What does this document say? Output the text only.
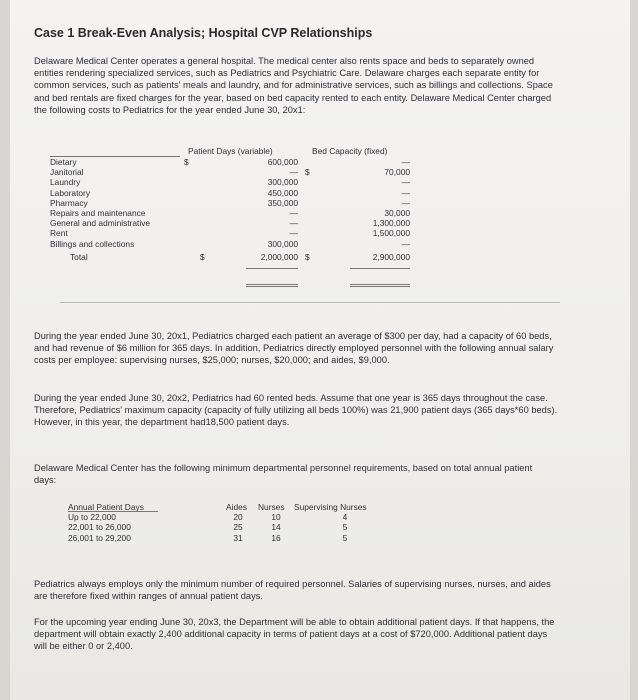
Case 1 Break-Even Analysis; Hospital CVP Relationships

Delaware Medical Center operates a general hospital. The medical center also rents space and beds to separately owned entities rendering specialized services, such as Pediatrics and Psychiatric Care. Delaware charges each separate entity for common services, such as patients' meals and laundry, and for administrative services, such as billings and collections. Space and bed rentals are fixed charges for the year, based on bed capacity rented to each entity. Delaware Medical Center charged the following costs to Pediatrics for the year ended June 30, 20x1:

Patient Days (variable)	Bed Capacity (fixed)
Dietary	$	600,000	—
Janitorial	— $	70,000
Laundry	300,000	—
Laboratory	450,000	—
Pharmacy	350,000	—
Repairs and maintenance	—	30,000
General and administrative	—	1,300,000
Rent	—	1,500,000
Billings and collections	300,000	—
Total	$	2,000,000 $	2,900,000

During the year ended June 30, 20x1, Pediatrics charged each patient an average of $300 per day, had a capacity of 60 beds, and had revenue of $6 million for 365 days. In addition, Pediatrics directly employed personnel with the following annual salary costs per employee: supervising nurses, $25,000; nurses, $20,000; and aides, $9,000.

During the year ended June 30, 20x2, Pediatrics had 60 rented beds. Assume that one year is 365 days throughout the case. Therefore, Pediatrics' maximum capacity (capacity of fully utilizing all beds 100%) was 21,900 patient days (365 days*60 beds). However, in this year, the department had18,500 patient days.

Delaware Medical Center has the following minimum departmental personnel requirements, based on total annual patient days:

Annual Patient Days	Aides Nurses Supervising Nurses
Up to 22,000	20	10	4
22,001 to 26,000	25	14	5
26,001 to 29,200	31	16	5

Pediatrics always employs only the minimum number of required personnel. Salaries of supervising nurses, nurses, and aides are therefore fixed within ranges of annual patient days.

For the upcoming year ending June 30, 20x3, the Department will be able to obtain additional patient days. If that happens, the department will obtain exactly 2,400 additional capacity in terms of patient days at a cost of $720,000. Additional patient days will be either 0 or 2,400.
